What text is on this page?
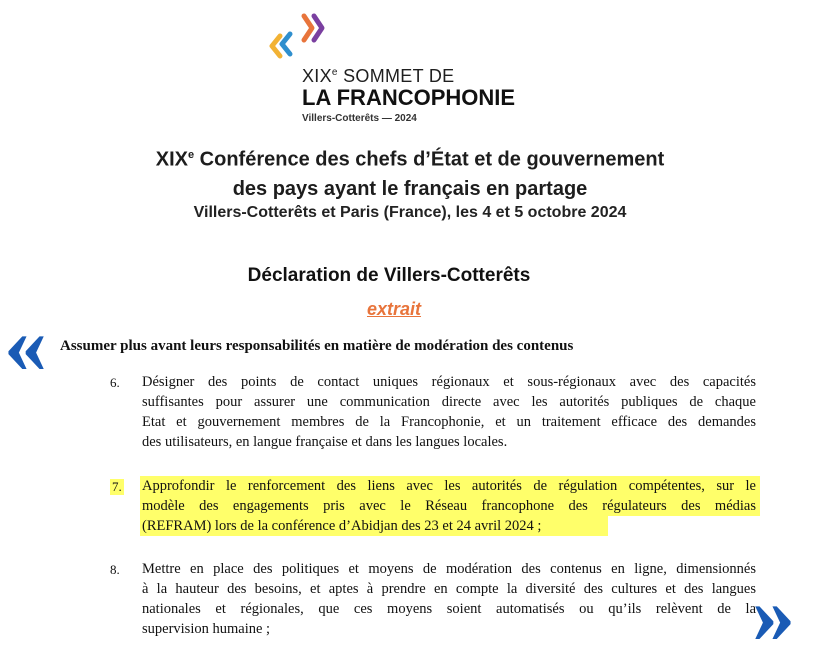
XIXe SOMMET DE
LA FRANCOPHONIE
Villers-Cotterêts — 2024
XIXe Conférence des chefs d’État et de gouvernement
des pays ayant le français en partage
Villers-Cotterêts et Paris (France), les 4 et 5 octobre 2024
Déclaration de Villers-Cotterêts
extrait
«
»
Assumer plus avant leurs responsabilités en matière de modération des contenus
6. Désigner des points de contact uniques régionaux et sous-régionaux avec des capacités
suffisantes pour assurer une communication directe avec les autorités publiques de chaque
Etat et gouvernement membres de la Francophonie, et un traitement efficace des demandes
des utilisateurs, en langue française et dans les langues locales.
7. Approfondir le renforcement des liens avec les autorités de régulation compétentes, sur le
modèle des engagements pris avec le Réseau francophone des régulateurs des médias
(REFRAM) lors de la conférence d’Abidjan des 23 et 24 avril 2024 ;
8. Mettre en place des politiques et moyens de modération des contenus en ligne, dimensionnés
à la hauteur des besoins, et aptes à prendre en compte la diversité des cultures et des langues
nationales et régionales, que ces moyens soient automatisés ou qu’ils relèvent de la
supervision humaine ;
